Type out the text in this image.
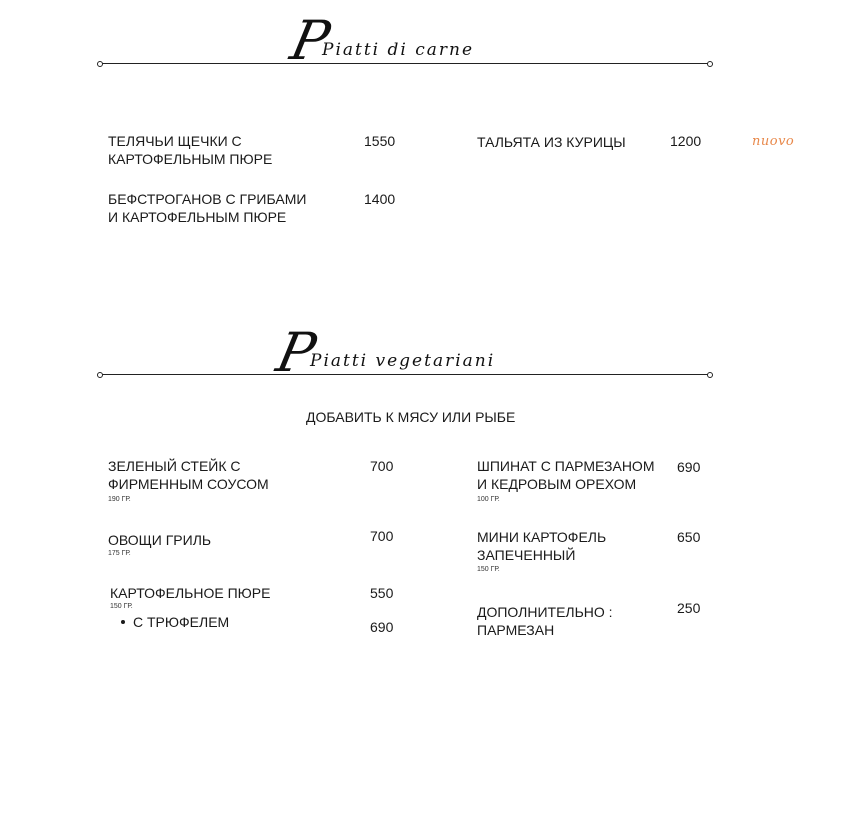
P
Piatti di carne
ТЕЛЯЧЬИ ЩЕЧКИ С
КАРТОФЕЛЬНЫМ ПЮРЕ
1550
БЕФСТРОГАНОВ С ГРИБАМИ
И КАРТОФЕЛЬНЫМ ПЮРЕ
1400
ТАЛЬЯТА ИЗ КУРИЦЫ	1200	nuovo
P
Piatti vegetariani
ДОБАВИТЬ К МЯСУ ИЛИ РЫБЕ
ЗЕЛЕНЫЙ СТЕЙК С
ФИРМЕННЫМ СОУСОМ
190 ГР.
700
ОВОЩИ ГРИЛЬ
175 ГР.
700
КАРТОФЕЛЬНОЕ ПЮРЕ
150 ГР.
550
С ТРЮФЕЛЕМ	690
ШПИНАТ С ПАРМЕЗАНОМ
И КЕДРОВЫМ ОРЕХОМ
100 ГР.
690
МИНИ КАРТОФЕЛЬ
ЗАПЕЧЕННЫЙ
150 ГР.
650
ДОПОЛНИТЕЛЬНО :
ПАРМЕЗАН
250
